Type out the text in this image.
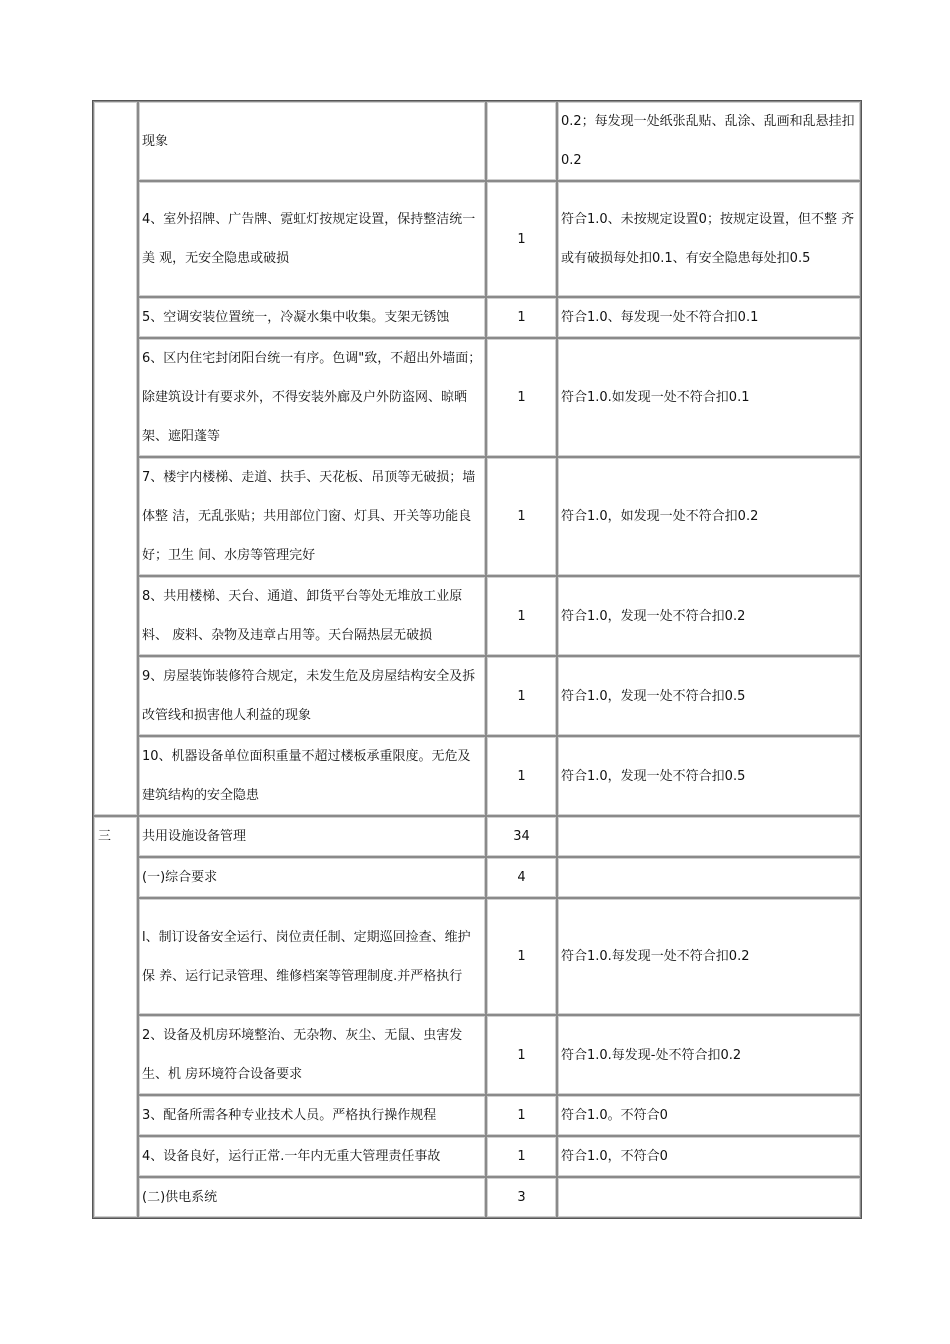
	现象		0.2；每发现一处纸张乱贴、乱涂、乱画和乱悬挂扣0.2
	4、室外招牌、广告牌、霓虹灯按规定设置，保持整洁统一美 观，无安全隐患或破损	1	符合1.0、未按规定设置0；按规定设置，但不整 齐或有破损每处扣0.1、有安全隐患每处扣0.5
	5、空调安装位置统一，冷凝水集中收集。支架无锈蚀	1	符合1.0、每发现一处不符合扣0.1
	6、区内住宅封闭阳台统一有序。色调"致，不超出外墙面； 除建筑设计有要求外，不得安装外廊及户外防盗网、晾晒 架、遮阳蓬等	1	符合1.0.如发现一处不符合扣0.1
	7、楼宇内楼梯、走道、扶手、天花板、吊顶等无破损；墙体整 洁，无乱张贴；共用部位门窗、灯具、开关等功能良好；卫生 间、水房等管理完好	1	符合1.0，如发现一处不符合扣0.2
	8、共用楼梯、天台、通道、卸货平台等处无堆放工业原料、 废料、杂物及违章占用等。天台隔热层无破损	1	符合1.0，发现一处不符合扣0.2
	9、房屋装饰装修符合规定，未发生危及房屋结构安全及拆 改管线和损害他人利益的现象	1	符合1.0，发现一处不符合扣0.5
	10、机器设备单位面积重量不超过楼板承重限度。无危及 建筑结构的安全隐患	1	符合1.0，发现一处不符合扣0.5
三	共用设施设备管理	34	
	(一)综合要求	4	
	l、制订设备安全运行、岗位责任制、定期巡回捡查、维护保 养、运行记录管理、维修档案等管理制度.并严格执行	1	符合1.0.每发现一处不符合扣0.2
	2、设备及机房环境整治、无杂物、灰尘、无鼠、虫害发生、机 房环境符合设备要求	1	符合1.0.每发现-处不符合扣0.2
	3、配备所需各种专业技术人员。严格执行操作规程	1	符合1.0。不符合0
	4、设备良好，运行正常.一年内无重大管理责任事故	1	符合1.0，不符合0
	(二)供电系统	3	
